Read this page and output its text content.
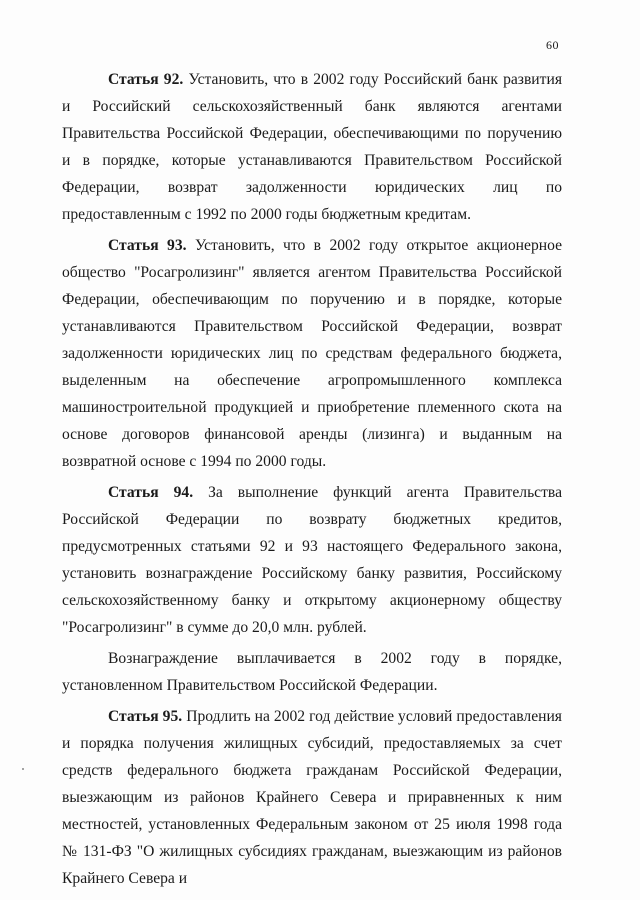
60

Статья 92. Установить, что в 2002 году Российский банк развития и Российский сельскохозяйственный банк являются агентами Правительства Российской Федерации, обеспечивающими по поручению и в порядке, которые устанавливаются Правительством Российской Федерации, возврат задолженности юридических лиц по предоставленным с 1992 по 2000 годы бюджетным кредитам.

Статья 93. Установить, что в 2002 году открытое акционерное общество "Росагролизинг" является агентом Правительства Российской Федерации, обеспечивающим по поручению и в порядке, которые устанавливаются Правительством Российской Федерации, возврат задолженности юридических лиц по средствам федерального бюджета, выделенным на обеспечение агропромышленного комплекса машиностроительной продукцией и приобретение племенного скота на основе договоров финансовой аренды (лизинга) и выданным на возвратной основе с 1994 по 2000 годы.

Статья 94. За выполнение функций агента Правительства Российской Федерации по возврату бюджетных кредитов, предусмотренных статьями 92 и 93 настоящего Федерального закона, установить вознаграждение Российскому банку развития, Российскому сельскохозяйственному банку и открытому акционерному обществу "Росагролизинг" в сумме до 20,0 млн. рублей.

Вознаграждение выплачивается в 2002 году в порядке, установленном Правительством Российской Федерации.

Статья 95. Продлить на 2002 год действие условий предоставления и порядка получения жилищных субсидий, предоставляемых за счет средств федерального бюджета гражданам Российской Федерации, выезжающим из районов Крайнего Севера и приравненных к ним местностей, установленных Федеральным законом от 25 июля 1998 года № 131-ФЗ "О жилищных субсидиях гражданам, выезжающим из районов Крайнего Севера и
